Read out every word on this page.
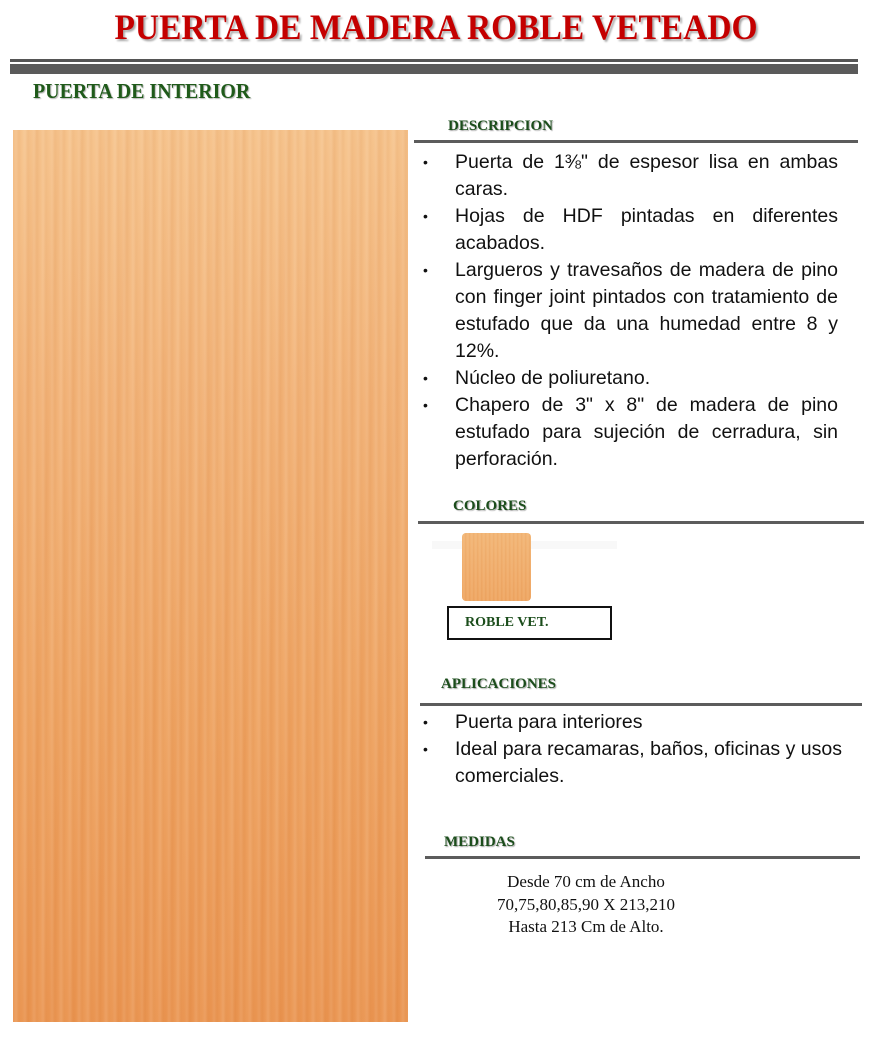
PUERTA DE MADERA ROBLE VETEADO
PUERTA DE INTERIOR
DESCRIPCION
• Puerta de 1⅜" de espesor lisa en ambas caras.
• Hojas de HDF pintadas en diferentes acabados.
• Largueros y travesaños de madera de pino con finger joint pintados con tratamiento de estufado que da una humedad entre 8 y 12%.
• Núcleo de poliuretano.
• Chapero de 3" x 8" de madera de pino estufado para sujeción de cerradura, sin perforación.
COLORES
ROBLE VET.
APLICACIONES
• Puerta para interiores
• Ideal para recamaras, baños, oficinas y usos comerciales.
MEDIDAS
Desde 70 cm de Ancho
70,75,80,85,90 X 213,210
Hasta 213 Cm de Alto.
